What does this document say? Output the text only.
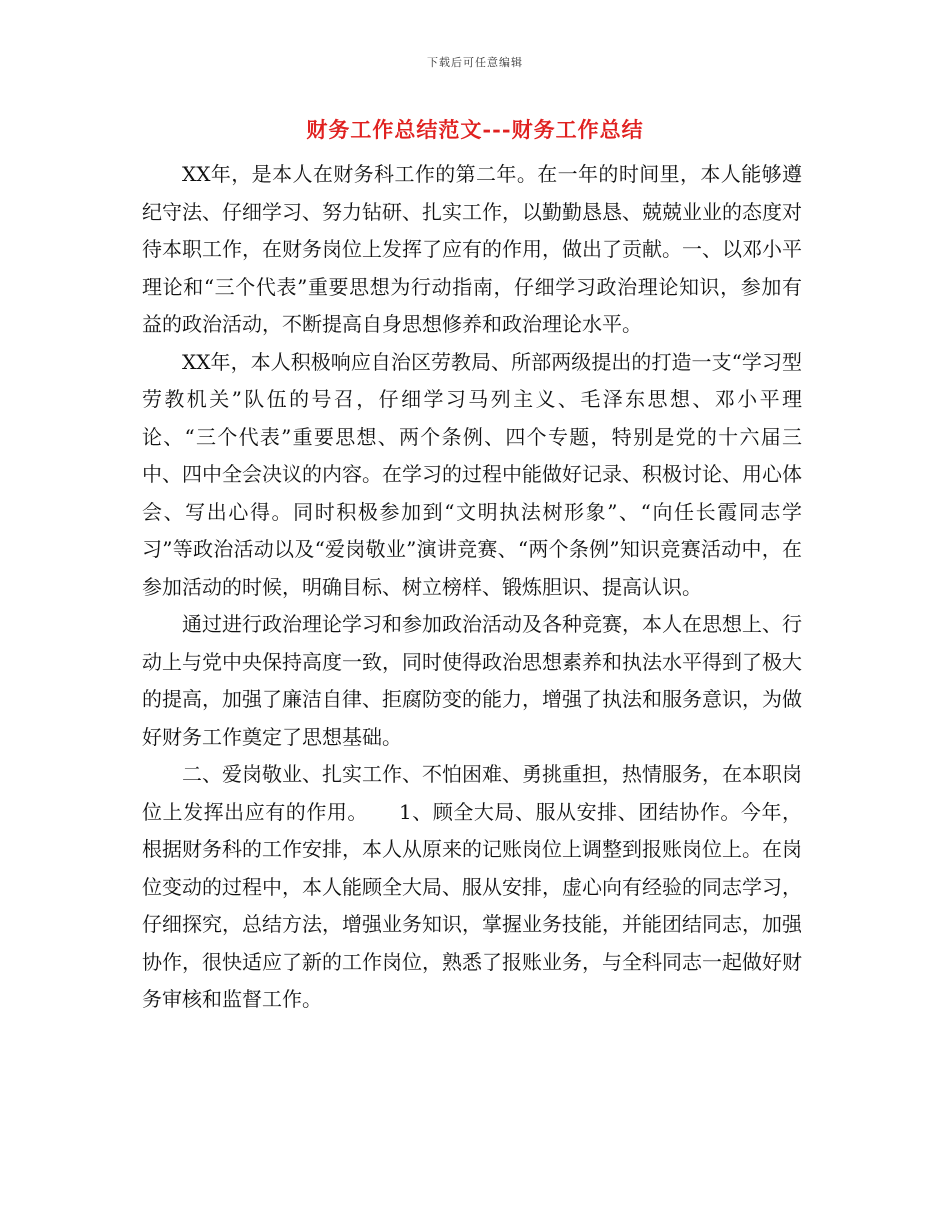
下载后可任意编辑
财务工作总结范文---财务工作总结

XX年，是本人在财务科工作的第二年。在一年的时间里，本人能够遵纪守法、仔细学习、努力钻研、扎实工作，以勤勤恳恳、兢兢业业的态度对待本职工作，在财务岗位上发挥了应有的作用，做出了贡献。一、以邓小平理论和“三个代表”重要思想为行动指南，仔细学习政治理论知识，参加有益的政治活动，不断提高自身思想修养和政治理论水平。

XX年，本人积极响应自治区劳教局、所部两级提出的打造一支“学习型劳教机关”队伍的号召，仔细学习马列主义、毛泽东思想、邓小平理论、“三个代表”重要思想、两个条例、四个专题，特别是党的十六届三中、四中全会决议的内容。在学习的过程中能做好记录、积极讨论、用心体会、写出心得。同时积极参加到“文明执法树形象”、“向任长霞同志学习”等政治活动以及“爱岗敬业”演讲竞赛、“两个条例”知识竞赛活动中，在参加活动的时候，明确目标、树立榜样、锻炼胆识、提高认识。

通过进行政治理论学习和参加政治活动及各种竞赛，本人在思想上、行动上与党中央保持高度一致，同时使得政治思想素养和执法水平得到了极大的提高，加强了廉洁自律、拒腐防变的能力，增强了执法和服务意识，为做好财务工作奠定了思想基础。

二、爱岗敬业、扎实工作、不怕困难、勇挑重担，热情服务，在本职岗位上发挥出应有的作用。　　1、顾全大局、服从安排、团结协作。今年，根据财务科的工作安排，本人从原来的记账岗位上调整到报账岗位上。在岗位变动的过程中，本人能顾全大局、服从安排，虚心向有经验的同志学习，仔细探究，总结方法，增强业务知识，掌握业务技能，并能团结同志，加强协作，很快适应了新的工作岗位，熟悉了报账业务，与全科同志一起做好财务审核和监督工作。
